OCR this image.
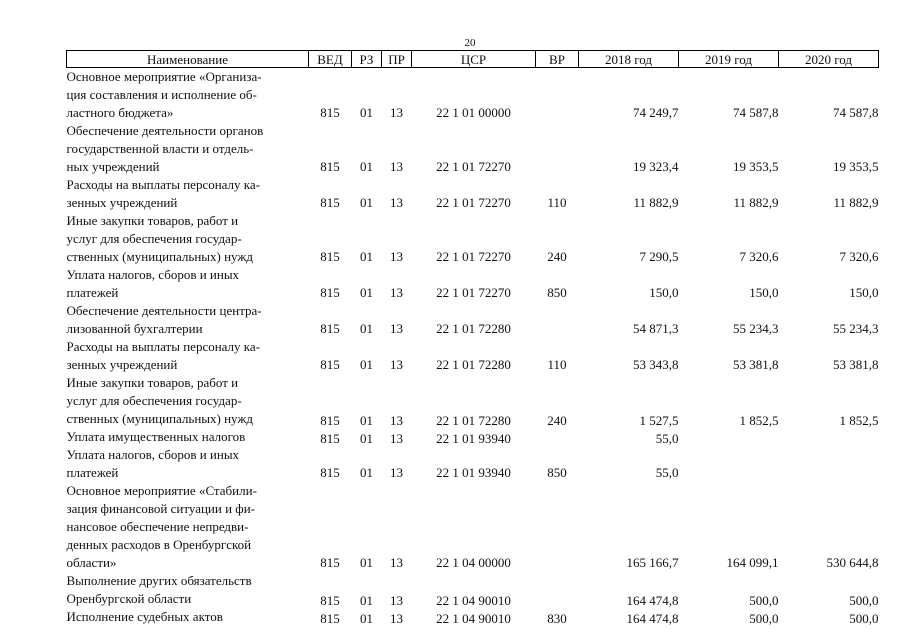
20
Наименование	ВЕД	РЗ	ПР	ЦСР	ВР	2018 год	2019 год	2020 год

Основное мероприятие «Организа-
ция составления и исполнение об-
ластного бюджета»	815	01	13	22 1 01 00000		74 249,7	74 587,8	74 587,8

Обеспечение деятельности органов
государственной власти и отдель-
ных учреждений	815	01	13	22 1 01 72270		19 323,4	19 353,5	19 353,5

Расходы на выплаты персоналу ка-
зенных учреждений	815	01	13	22 1 01 72270	110	11 882,9	11 882,9	11 882,9

Иные закупки товаров, работ и
услуг для обеспечения государ-
ственных (муниципальных) нужд	815	01	13	22 1 01 72270	240	7 290,5	7 320,6	7 320,6

Уплата налогов, сборов и иных
платежей	815	01	13	22 1 01 72270	850	150,0	150,0	150,0

Обеспечение деятельности центра-
лизованной бухгалтерии	815	01	13	22 1 01 72280		54 871,3	55 234,3	55 234,3

Расходы на выплаты персоналу ка-
зенных учреждений	815	01	13	22 1 01 72280	110	53 343,8	53 381,8	53 381,8

Иные закупки товаров, работ и
услуг для обеспечения государ-
ственных (муниципальных) нужд	815	01	13	22 1 01 72280	240	1 527,5	1 852,5	1 852,5

Уплата имущественных налогов	815	01	13	22 1 01 93940		55,0		

Уплата налогов, сборов и иных
платежей	815	01	13	22 1 01 93940	850	55,0		

Основное мероприятие «Стабили-
зация финансовой ситуации и фи-
нансовое обеспечение непредви-
денных расходов в Оренбургской
области»	815	01	13	22 1 04 00000		165 166,7	164 099,1	530 644,8

Выполнение других обязательств
Оренбургской области	815	01	13	22 1 04 90010		164 474,8	500,0	500,0

Исполнение судебных актов	815	01	13	22 1 04 90010	830	164 474,8	500,0	500,0
